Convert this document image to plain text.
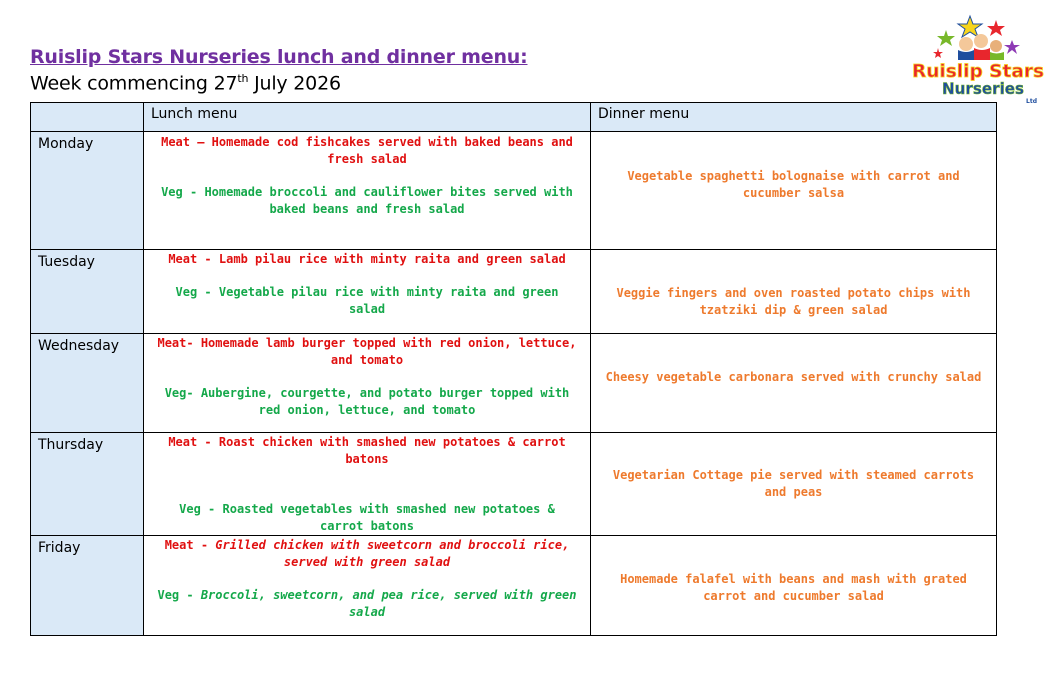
Ruislip Stars Nurseries lunch and dinner menu:

Week commencing 27th July 2026

Ruislip Stars
Nurseries
Ltd
	Lunch menu	Dinner menu
Monday	Meat – Homemade cod fishcakes served with baked beans and fresh salad
Veg - Homemade broccoli and cauliflower bites served with baked beans and fresh salad	Vegetable spaghetti bolognaise with carrot and cucumber salsa
Tuesday	Meat - Lamb pilau rice with minty raita and green salad
Veg - Vegetable pilau rice with minty raita and green salad	Veggie fingers and oven roasted potato chips with tzatziki dip & green salad
Wednesday	Meat- Homemade lamb burger topped with red onion, lettuce, and tomato
Veg- Aubergine, courgette, and potato burger topped with red onion, lettuce, and tomato	Cheesy vegetable carbonara served with crunchy salad
Thursday	Meat - Roast chicken with smashed new potatoes & carrot batons
Veg - Roasted vegetables with smashed new potatoes & carrot batons	Vegetarian Cottage pie served with steamed carrots and peas
Friday	Meat - Grilled chicken with sweetcorn and broccoli rice, served with green salad
Veg - Broccoli, sweetcorn, and pea rice, served with green salad	Homemade falafel with beans and mash with grated carrot and cucumber salad
